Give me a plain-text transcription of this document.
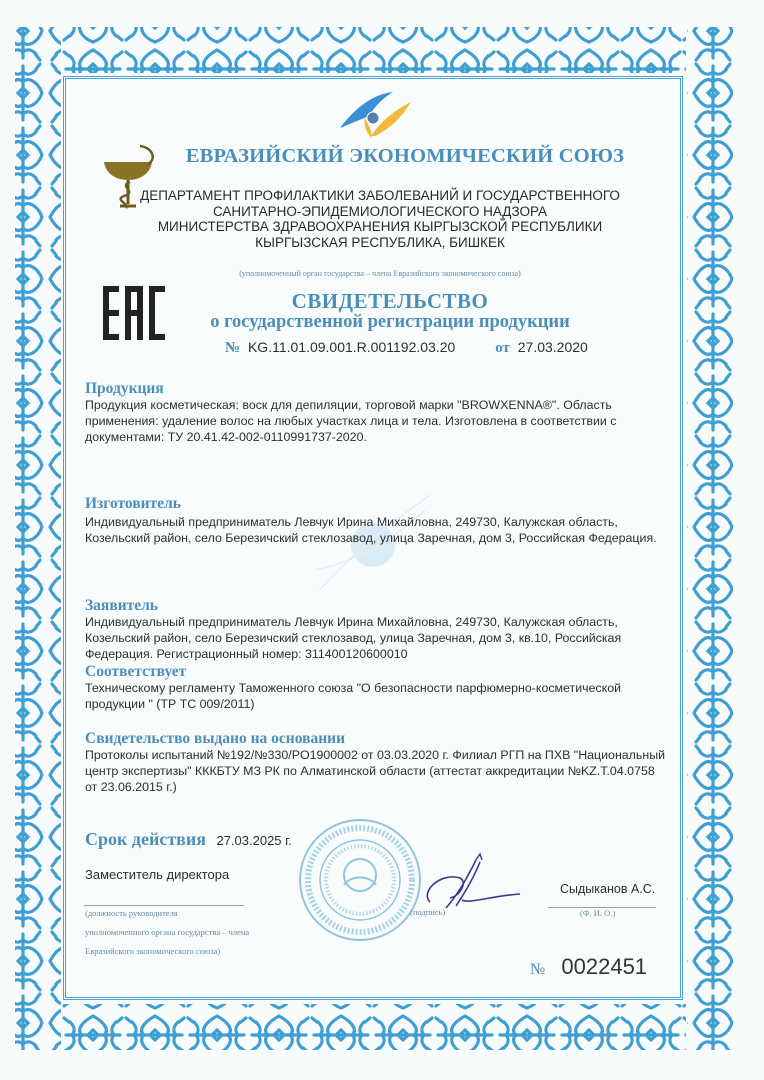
ЕВРАЗИЙСКИЙ ЭКОНОМИЧЕСКИЙ СОЮЗ
ДЕПАРТАМЕНТ ПРОФИЛАКТИКИ ЗАБОЛЕВАНИЙ И ГОСУДАРСТВЕННОГО
САНИТАРНО-ЭПИДЕМИОЛОГИЧЕСКОГО НАДЗОРА
МИНИСТЕРСТВА ЗДРАВООХРАНЕНИЯ КЫРГЫЗСКОЙ РЕСПУБЛИКИ
КЫРГЫЗСКАЯ РЕСПУБЛИКА, БИШКЕК
(уполномоченный орган государства – члена Евразийского экономического союза)
СВИДЕТЕЛЬСТВО
о государственной регистрации продукции
№ KG.11.01.09.001.R.001192.03.20	от 27.03.2020
Продукция

Продукция косметическая: воск для депиляции, торговой марки "BROWXENNA®". Область применения: удаление волос на любых участках лица и тела. Изготовлена в соответствии с документами: ТУ 20.41.42-002-0110991737-2020.

Изготовитель

Индивидуальный предприниматель Левчук Ирина Михайловна, 249730, Калужская область, Козельский район, село Березичский стеклозавод, улица Заречная, дом 3, Российская Федерация.

Заявитель

Индивидуальный предприниматель Левчук Ирина Михайловна, 249730, Калужская область, Козельский район, село Березичский стеклозавод, улица Заречная, дом 3, кв.10, Российская Федерация. Регистрационный номер: 311400120600010

Соответствует

Техническому регламенту Таможенного союза "О безопасности парфюмерно-косметической продукции " (ТР ТС 009/2011)

Свидетельство выдано на основании

Протоколы испытаний №192/№330/PO1900002 от 03.03.2020 г. Филиал РГП на ПХВ "Национальный центр экспертизы" КККБТУ МЗ РК по Алматинской области (аттестат аккредитации №KZ.T.04.0758 от 23.06.2015 г.)

Срок действия 27.03.2025 г.
Заместитель директора
(должность руководителя
уполномоченного органа государства – члена
Евразийского экономического союза)
(подпись)
Сыдыканов А.С.
(Ф. И. О.)
№ 0022451
